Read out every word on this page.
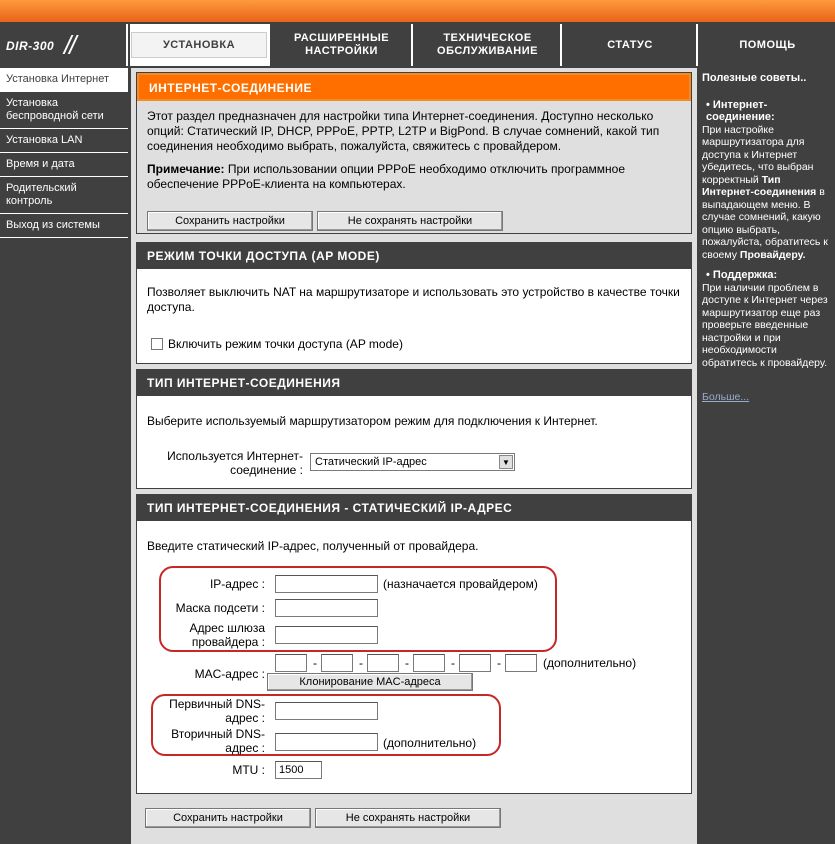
DIR-300 //	УСТАНОВКА
РАСШИРЕННЫЕ НАСТРОЙКИ
ТЕХНИЧЕСКОЕ ОБСЛУЖИВАНИЕ
СТАТУС	ПОМОЩЬ
Установка Интернет
Установка беспроводной сети
Установка LAN
Время и дата
Родительский контроль
Выход из системы
ИНТЕРНЕТ-СОЕДИНЕНИЕ
Этот раздел предназначен для настройки типа Интернет-соединения. Доступно несколько опций: Статический IP, DHCP, PPPoE, PPTP, L2TP и BigPond. В случае сомнений, какой тип соединения необходимо выбрать, пожалуйста, свяжитесь с провайдером.
Примечание: При использовании опции PPPoE необходимо отключить программное обеспечение PPPoE-клиента на компьютерах.
Сохранить настройки	Не сохранять настройки
РЕЖИМ ТОЧКИ ДОСТУПА (AP MODE)
Позволяет выключить NAT на маршрутизаторе и использовать это устройство в качестве точки доступа.
Включить режим точки доступа (AP mode)
ТИП ИНТЕРНЕТ-СОЕДИНЕНИЯ
Выберите используемый маршрутизатором режим для подключения к Интернет.
Используется Интернет-
соединение :
Статический IP-адрес	▼
ТИП ИНТЕРНЕТ-СОЕДИНЕНИЯ - СТАТИЧЕСКИЙ IP-АДРЕС
Введите статический IP-адрес, полученный от провайдера.
IP-адрес :	(назначается провайдером)
Маска подсети :
Адрес шлюза
провайдера :
MAC-адрес :
-	-	-	-	-	(дополнительно)
Клонирование MAC-адреса
Первичный DNS-
адрес :
Вторичный DNS-
адрес :	(дополнительно)
MTU :	1500
Сохранить настройки	Не сохранять настройки
Полезные советы..
• Интернет-соединение:

При настройке маршрутизатора для доступа к Интернет убедитесь, что выбран корректный Тип Интернет-соединения в выпадающем меню. В случае сомнений, какую опцию выбрать, пожалуйста, обратитесь к своему Провайдеру.

• Поддержка:

При наличии проблем в доступе к Интернет через маршрутизатор еще раз проверьте введенные настройки и при необходимости обратитесь к провайдеру.

Больше...
